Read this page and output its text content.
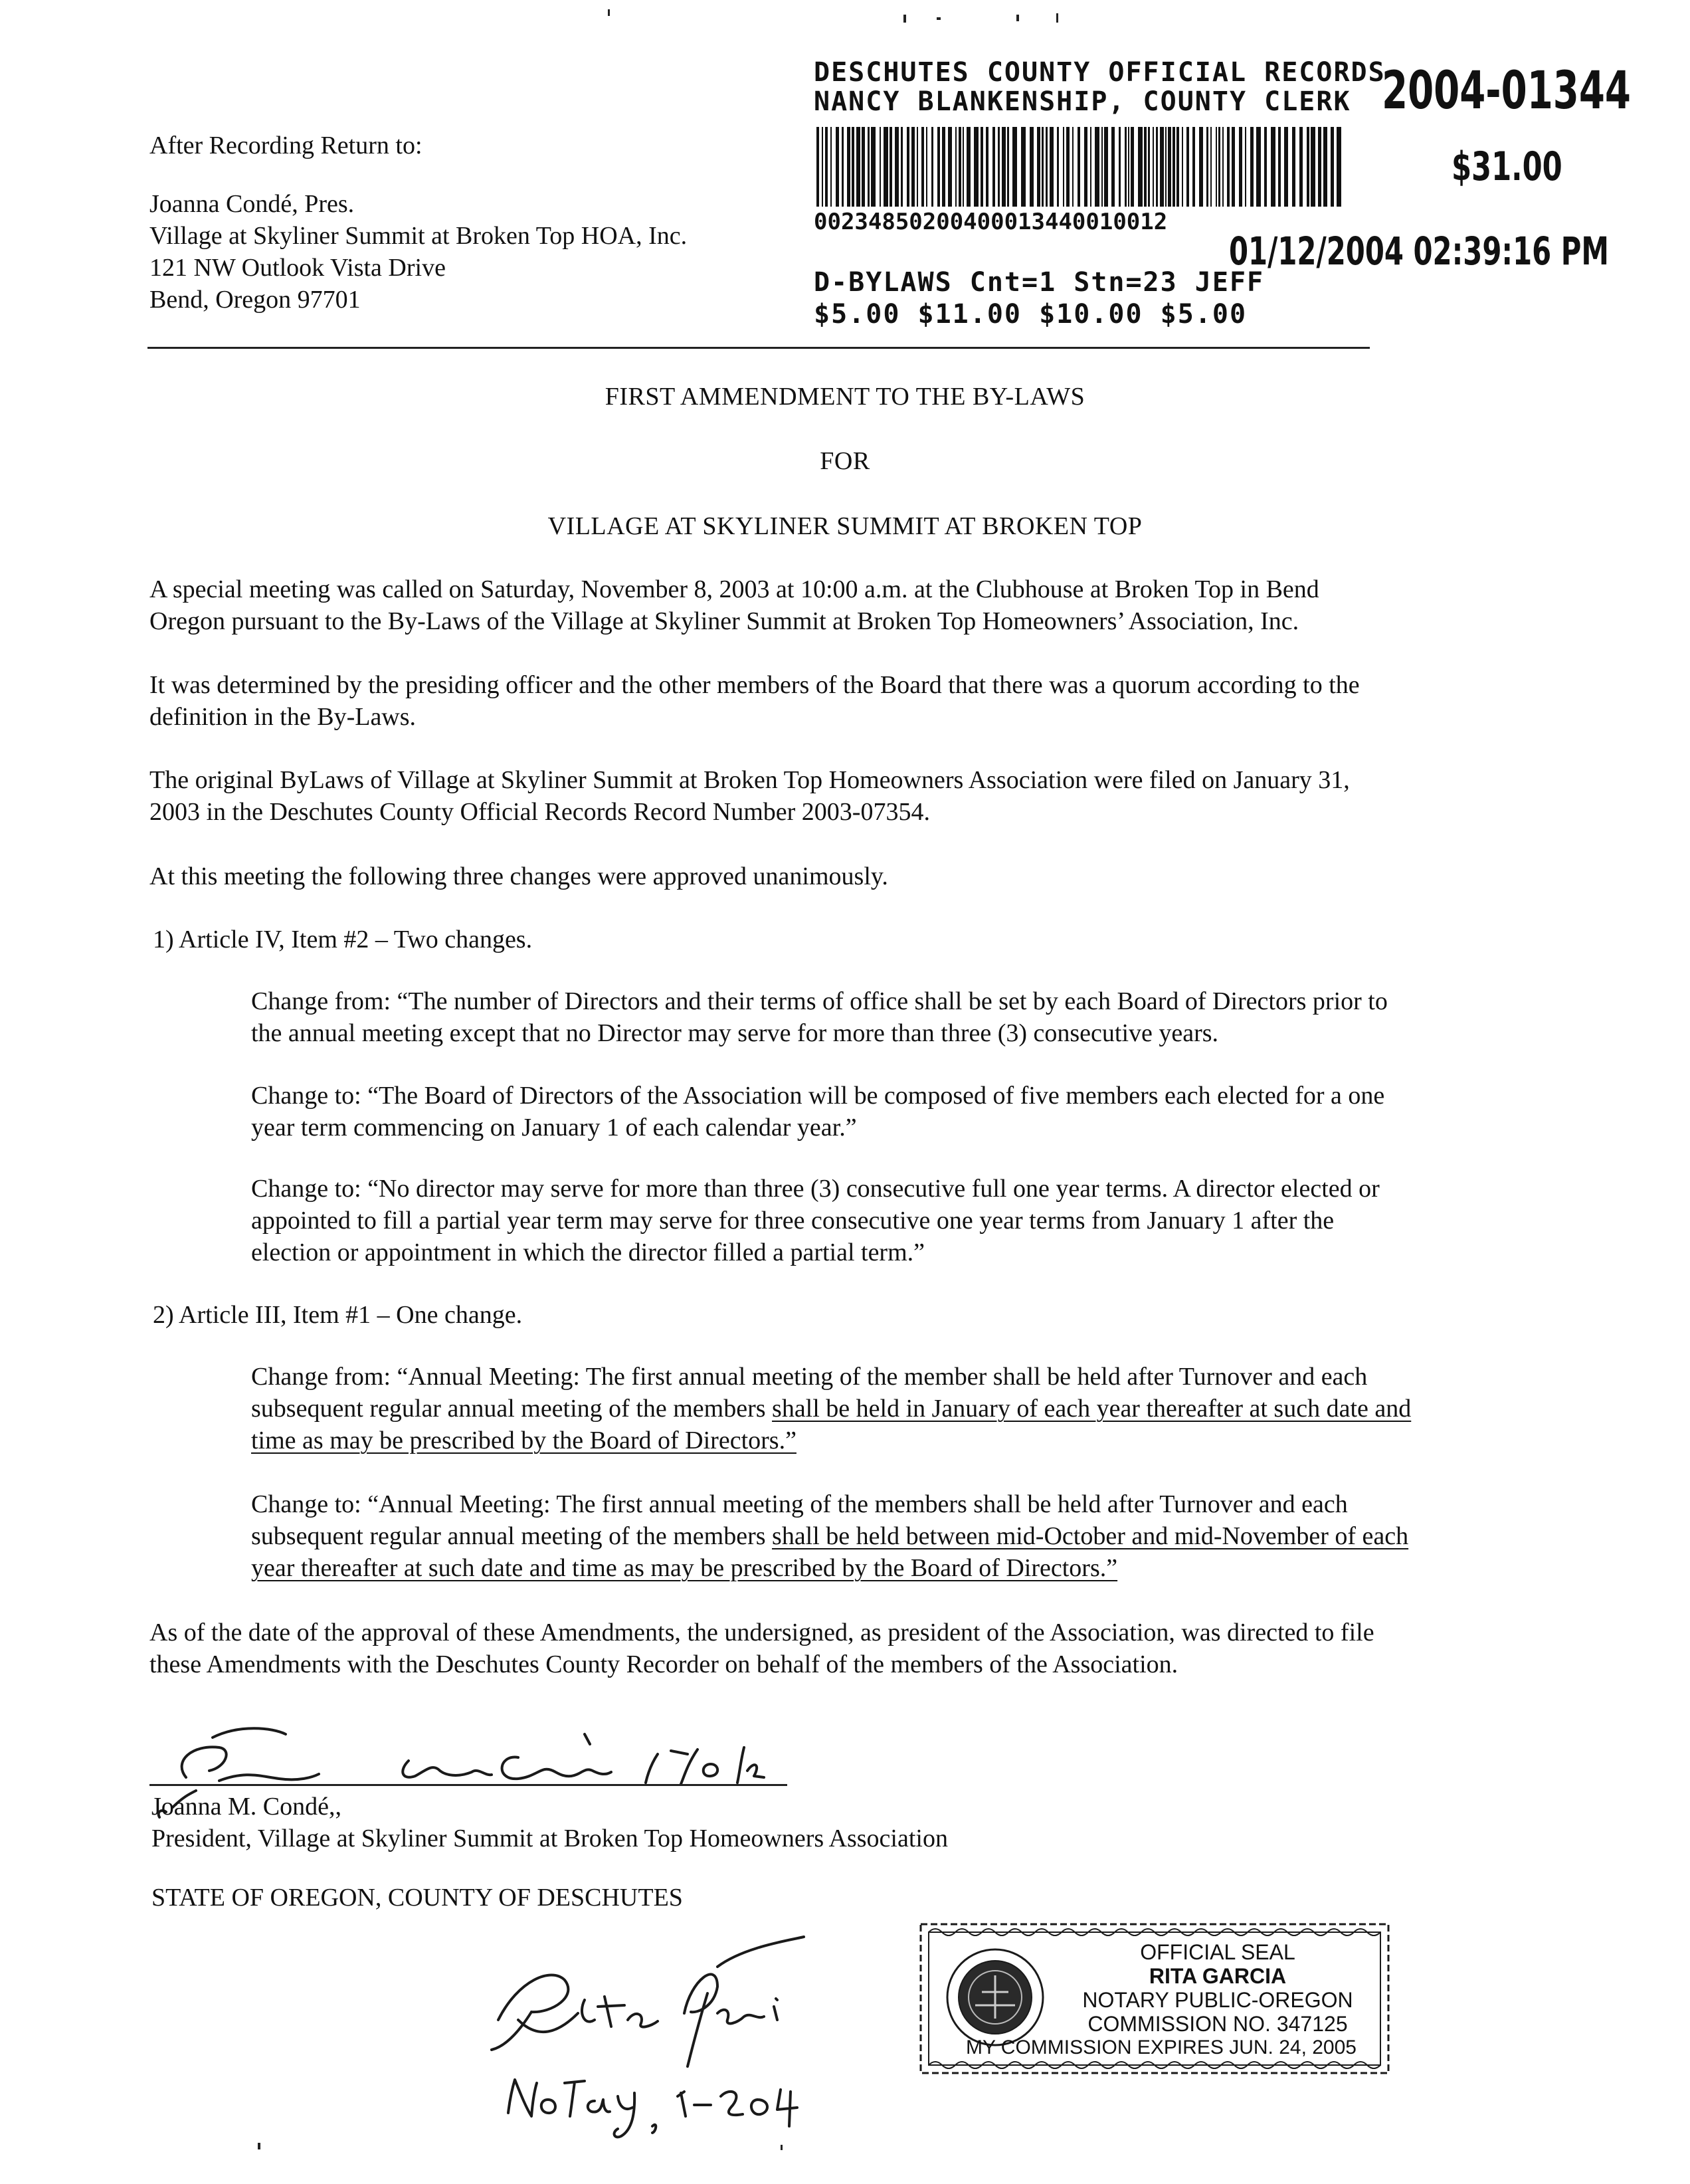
After Recording Return to:
Joanna Condé, Pres.
Village at Skyliner Summit at Broken Top HOA, Inc.
121 NW Outlook Vista Drive
Bend, Oregon 97701
DESCHUTES COUNTY OFFICIAL RECORDS
NANCY BLANKENSHIP, COUNTY CLERK 2004-01344
$31.00
00234850200400013440010012
01/12/2004 02:39:16 PM
D-BYLAWS Cnt=1 Stn=23 JEFF
$5.00 $11.00 $10.00 $5.00
FIRST AMMENDMENT TO THE BY-LAWS
FOR
VILLAGE AT SKYLINER SUMMIT AT BROKEN TOP

A special meeting was called on Saturday, November 8, 2003 at 10:00 a.m. at the Clubhouse at Broken Top in Bend

Oregon pursuant to the By-Laws of the Village at Skyliner Summit at Broken Top Homeowners’ Association, Inc.

It was determined by the presiding officer and the other members of the Board that there was a quorum according to the

definition in the By-Laws.

The original ByLaws of Village at Skyliner Summit at Broken Top Homeowners Association were filed on January 31,

2003 in the Deschutes County Official Records Record Number 2003-07354.

At this meeting the following three changes were approved unanimously.

1) Article IV, Item #2 – Two changes.

Change from: “The number of Directors and their terms of office shall be set by each Board of Directors prior to

the annual meeting except that no Director may serve for more than three (3) consecutive years.

Change to: “The Board of Directors of the Association will be composed of five members each elected for a one

year term commencing on January 1 of each calendar year.”

Change to: “No director may serve for more than three (3) consecutive full one year terms. A director elected or

appointed to fill a partial year term may serve for three consecutive one year terms from January 1 after the

election or appointment in which the director filled a partial term.”

2) Article III, Item #1 – One change.

Change from: “Annual Meeting: The first annual meeting of the member shall be held after Turnover and each

subsequent regular annual meeting of the members shall be held in January of each year thereafter at such date and

time as may be prescribed by the Board of Directors.”

Change to: “Annual Meeting: The first annual meeting of the members shall be held after Turnover and each

subsequent regular annual meeting of the members shall be held between mid-October and mid-November of each

year thereafter at such date and time as may be prescribed by the Board of Directors.”

As of the date of the approval of these Amendments, the undersigned, as president of the Association, was directed to file

these Amendments with the Deschutes County Recorder on behalf of the members of the Association.

Joanna M. Condé,,

President, Village at Skyliner Summit at Broken Top Homeowners Association

STATE OF OREGON, COUNTY OF DESCHUTES

OFFICIAL SEAL
RITA GARCIA
NOTARY PUBLIC-OREGON
COMMISSION NO. 347125
MY COMMISSION EXPIRES JUN. 24, 2005
